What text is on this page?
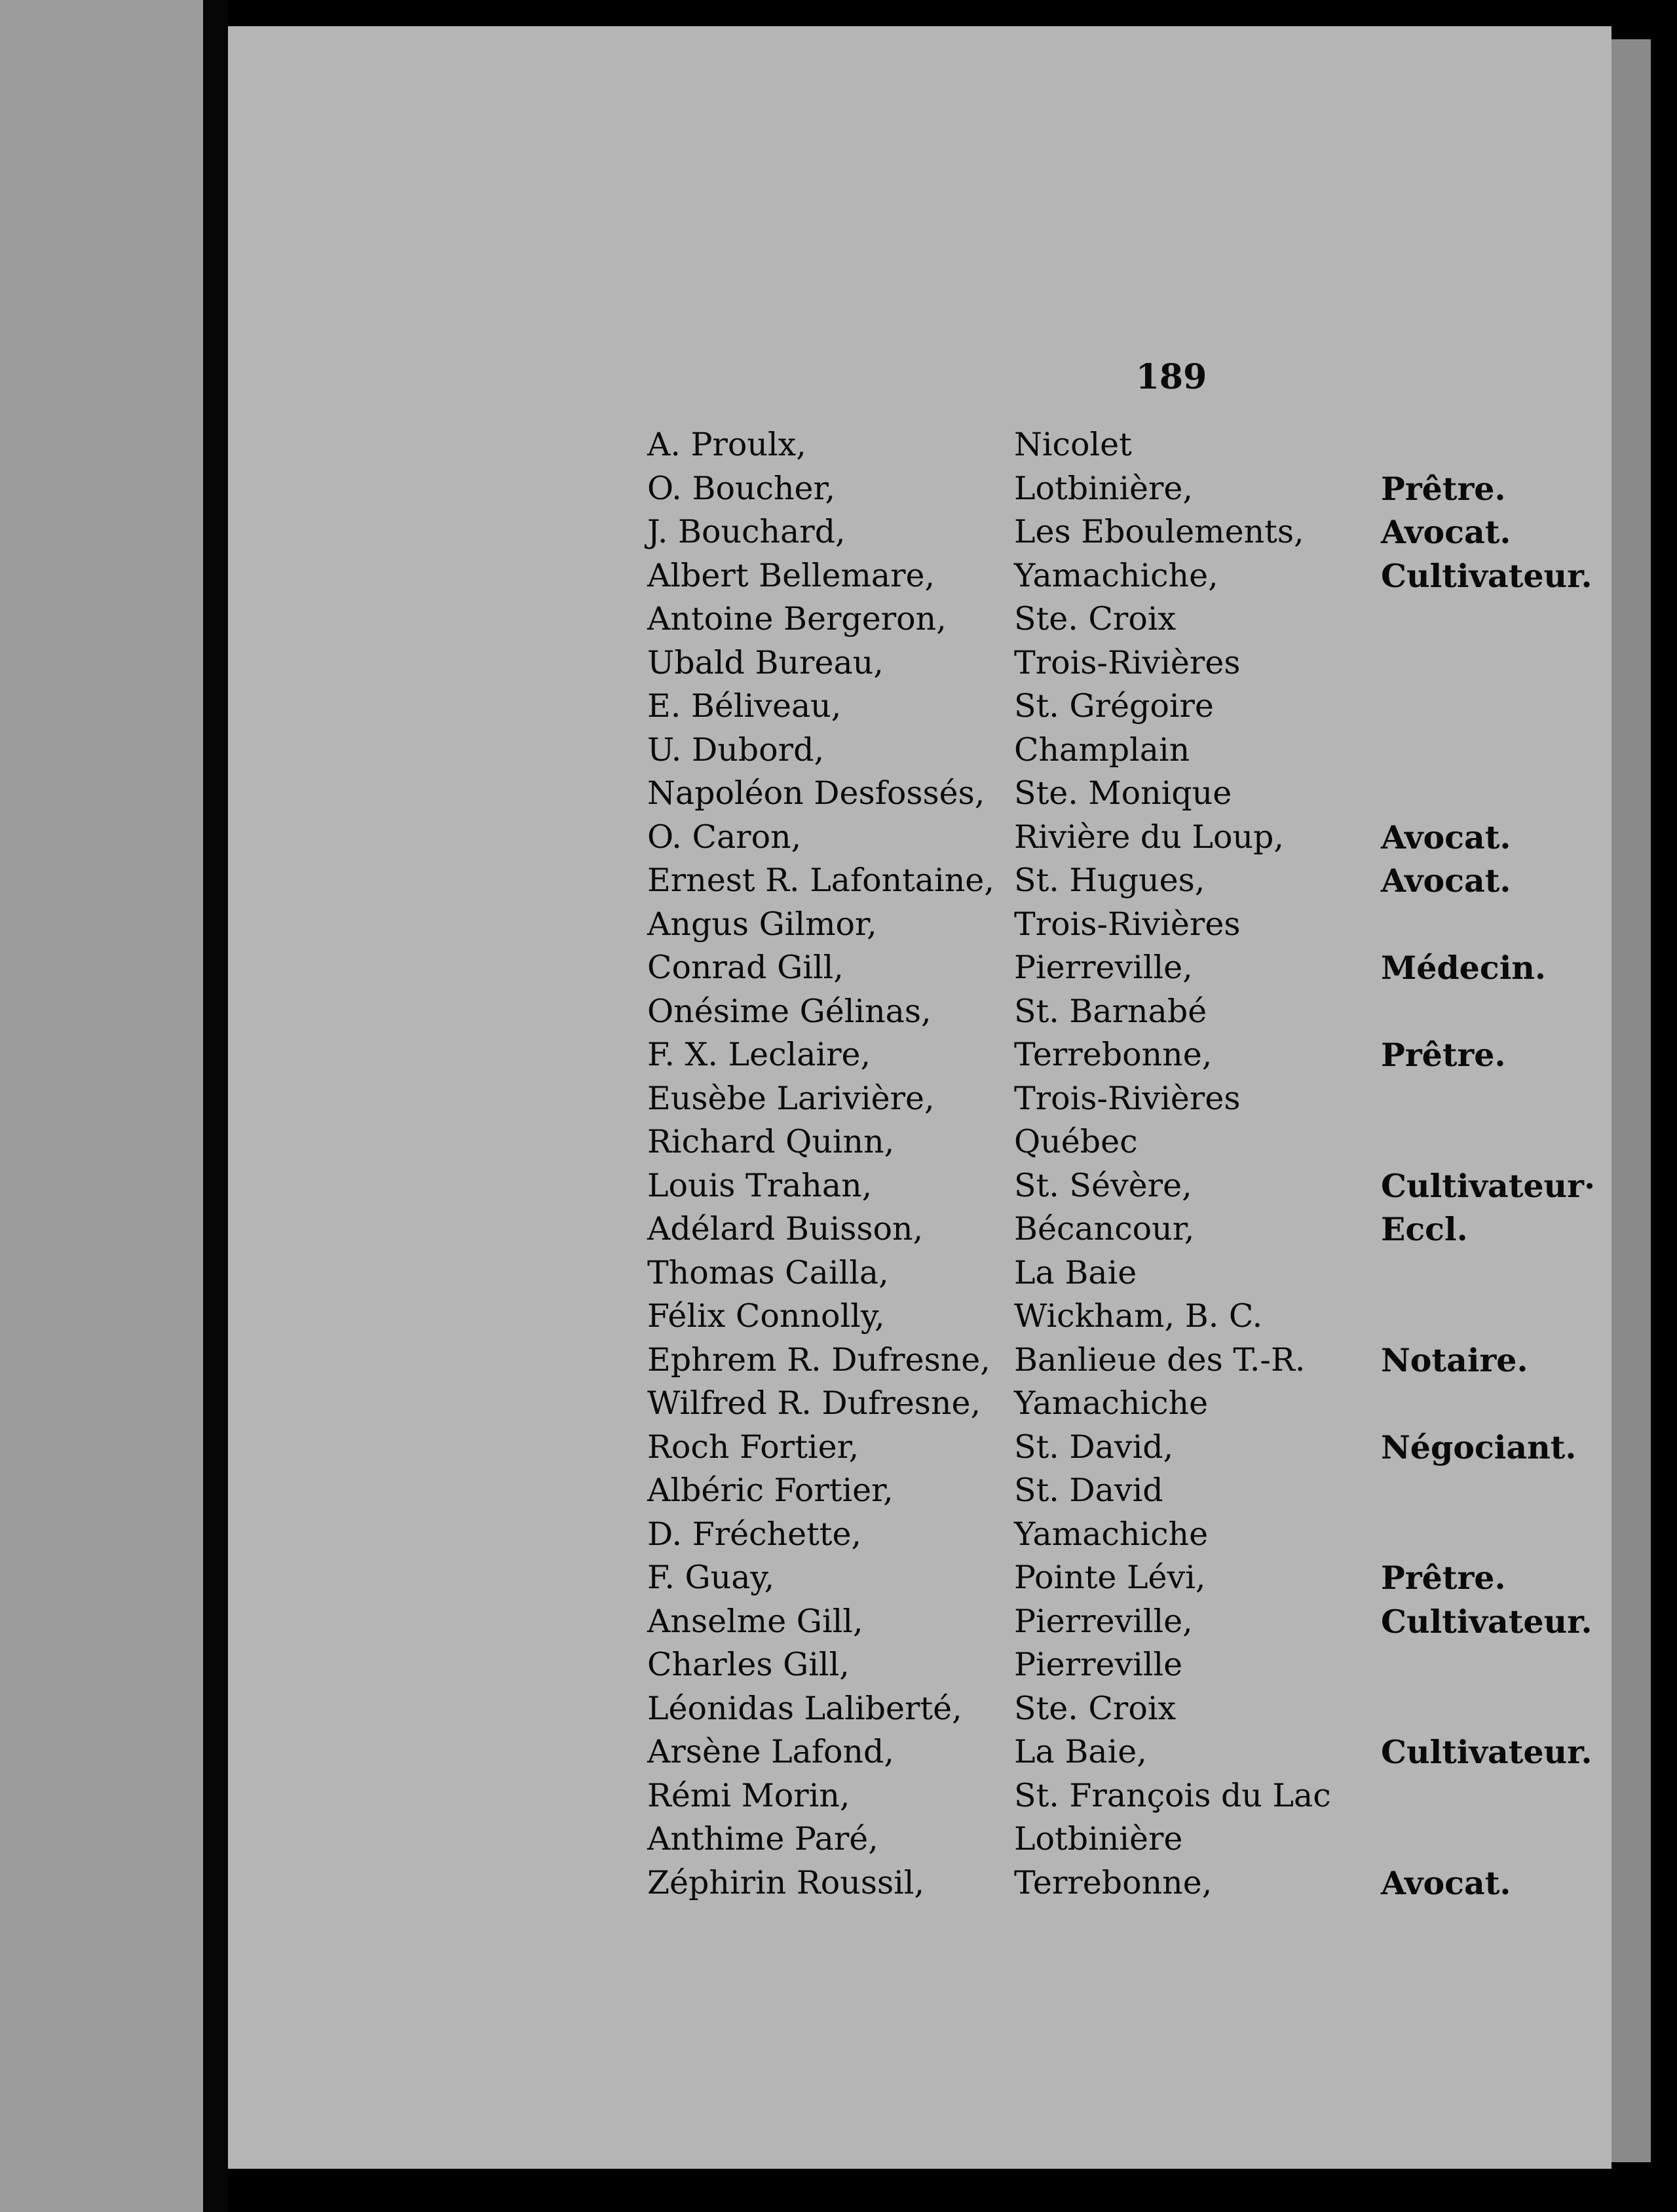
189
A. Proulx,	Nicolet
O. Boucher,	Lotbinière,	Prêtre.
J. Bouchard,	Les Eboulements, Avocat.
Albert Bellemare, Yamachiche,	Cultivateur.
Antoine Bergeron, Ste. Croix
Ubald Bureau,	Trois-Rivières
E. Béliveau,	St. Grégoire
U. Dubord,	Champlain
Napoléon Desfossés, Ste. Monique
O. Caron,	Rivière du Loup,	Avocat.
Ernest R. Lafontaine, St. Hugues,	Avocat.
Angus Gilmor,	Trois-Rivières
Conrad Gill,	Pierreville,	Médecin.
Onésime Gélinas,	St. Barnabé
F. X. Leclaire,	Terrebonne,	Prêtre.
Eusèbe Larivière, Trois-Rivières
Richard Quinn,	Québec
Louis Trahan,	St. Sévère,	Cultivateur·
Adélard Buisson,	Bécancour,	Eccl.
Thomas Cailla,	La Baie
Félix Connolly,	Wickham, B. C.
Ephrem R. Dufresne, Banlieue des T.-R. Notaire.
Wilfred R. Dufresne, Yamachiche
Roch Fortier,	St. David,	Négociant.
Albéric Fortier,	St. David
D. Fréchette,	Yamachiche
F. Guay,	Pointe Lévi,	Prêtre.
Anselme Gill,	Pierreville,	Cultivateur.
Charles Gill,	Pierreville
Léonidas Laliberté, Ste. Croix
Arsène Lafond,	La Baie,	Cultivateur.
Rémi Morin,	St. François du Lac
Anthime Paré,	Lotbinière
Zéphirin Roussil,	Terrebonne,	Avocat.
